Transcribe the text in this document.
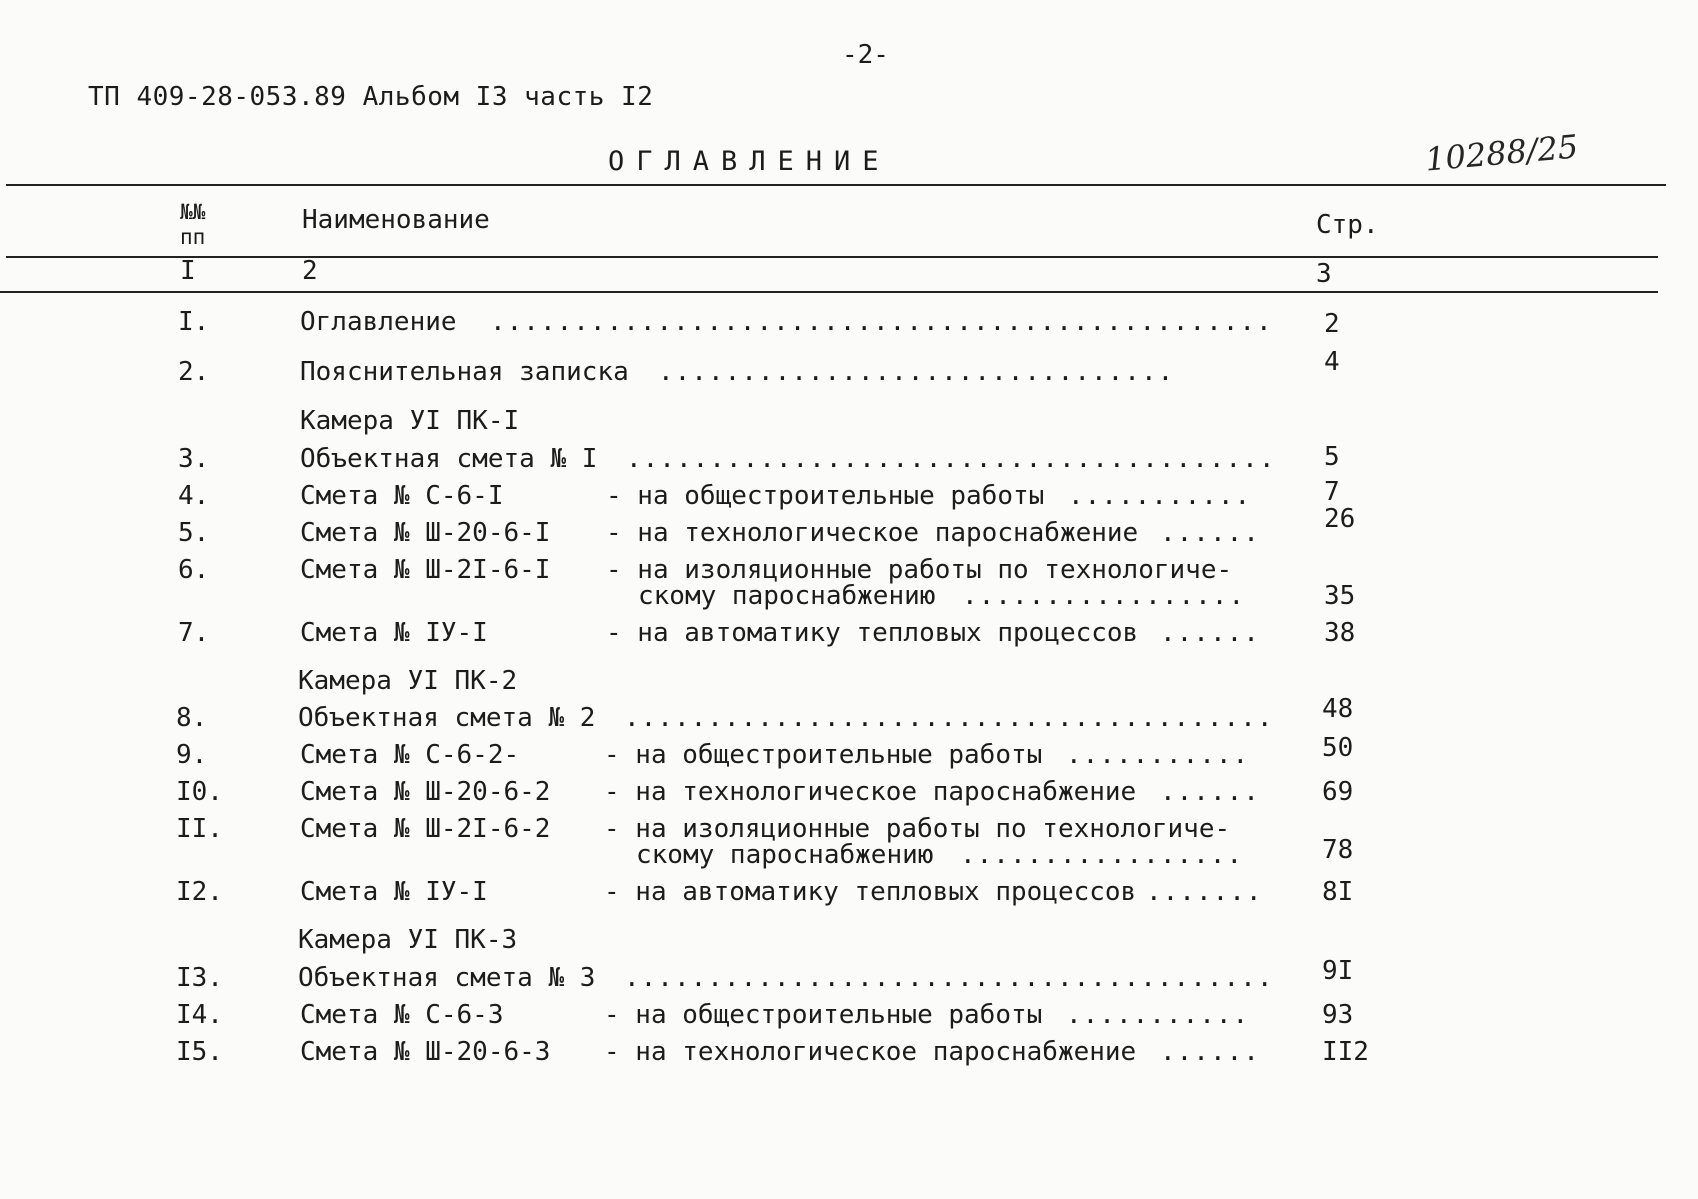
-2-
ТП 409-28-053.89 Альбом I3 часть I2
ОГЛАВЛЕНИЕ	10288/25
№№
пп
Наименование	Стр.
I	2	3
I.	Оглавление ............................................... 2
2.	Пояснительная записка ...............................	4
Камера УI ПК-I
3.	Объектная смета № I ....................................... 5
4.	Смета № С-6-I	- на общестроительные работы ...........	7
5.	Смета № Ш-20-6-I - на технологическое пароснабжение ...... 26
6.	Смета № Ш-2I-6-I - на изоляционные работы по технологиче-
скому пароснабжению .................	35
7.	Смета № IУ-I	- на автоматику тепловых процессов ...... 38
Камера УI ПК-2
8.	Объектная смета № 2 ....................................... 48
9.	Смета № С-6-2-	- на общестроительные работы ...........	50
I0.	Смета № Ш-20-6-2 - на технологическое пароснабжение ...... 69
II.	Смета № Ш-2I-6-2 - на изоляционные работы по технологиче-
скому пароснабжению .................	78
I2.	Смета № IУ-I	- на автоматику тепловых процессов ....... 8I
Камера УI ПК-3
I3.	Объектная смета № 3 ....................................... 9I
I4.	Смета № С-6-3	- на общестроительные работы ...........	93
I5.	Смета № Ш-20-6-3 - на технологическое пароснабжение ...... II2
